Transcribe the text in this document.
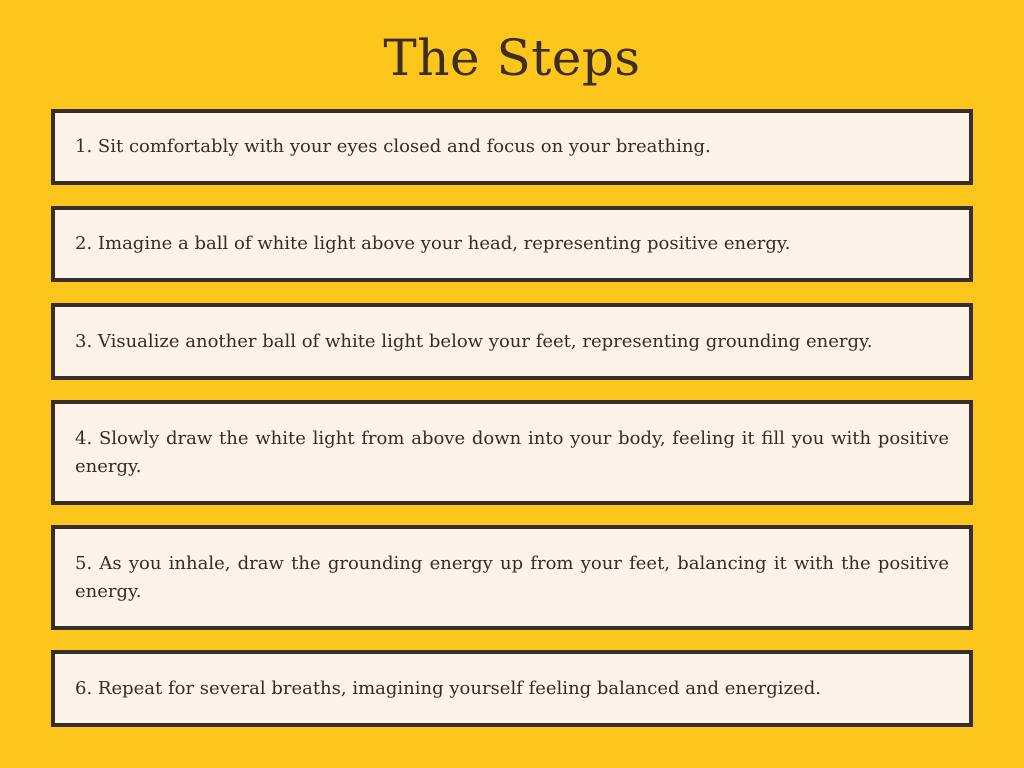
The Steps
1. Sit comfortably with your eyes closed and focus on your breathing.
2. Imagine a ball of white light above your head, representing positive energy.
3. Visualize another ball of white light below your feet, representing grounding energy.
4. Slowly draw the white light from above down into your body, feeling it fill you with positive energy.
5. As you inhale, draw the grounding energy up from your feet, balancing it with the positive energy.
6. Repeat for several breaths, imagining yourself feeling balanced and energized.
